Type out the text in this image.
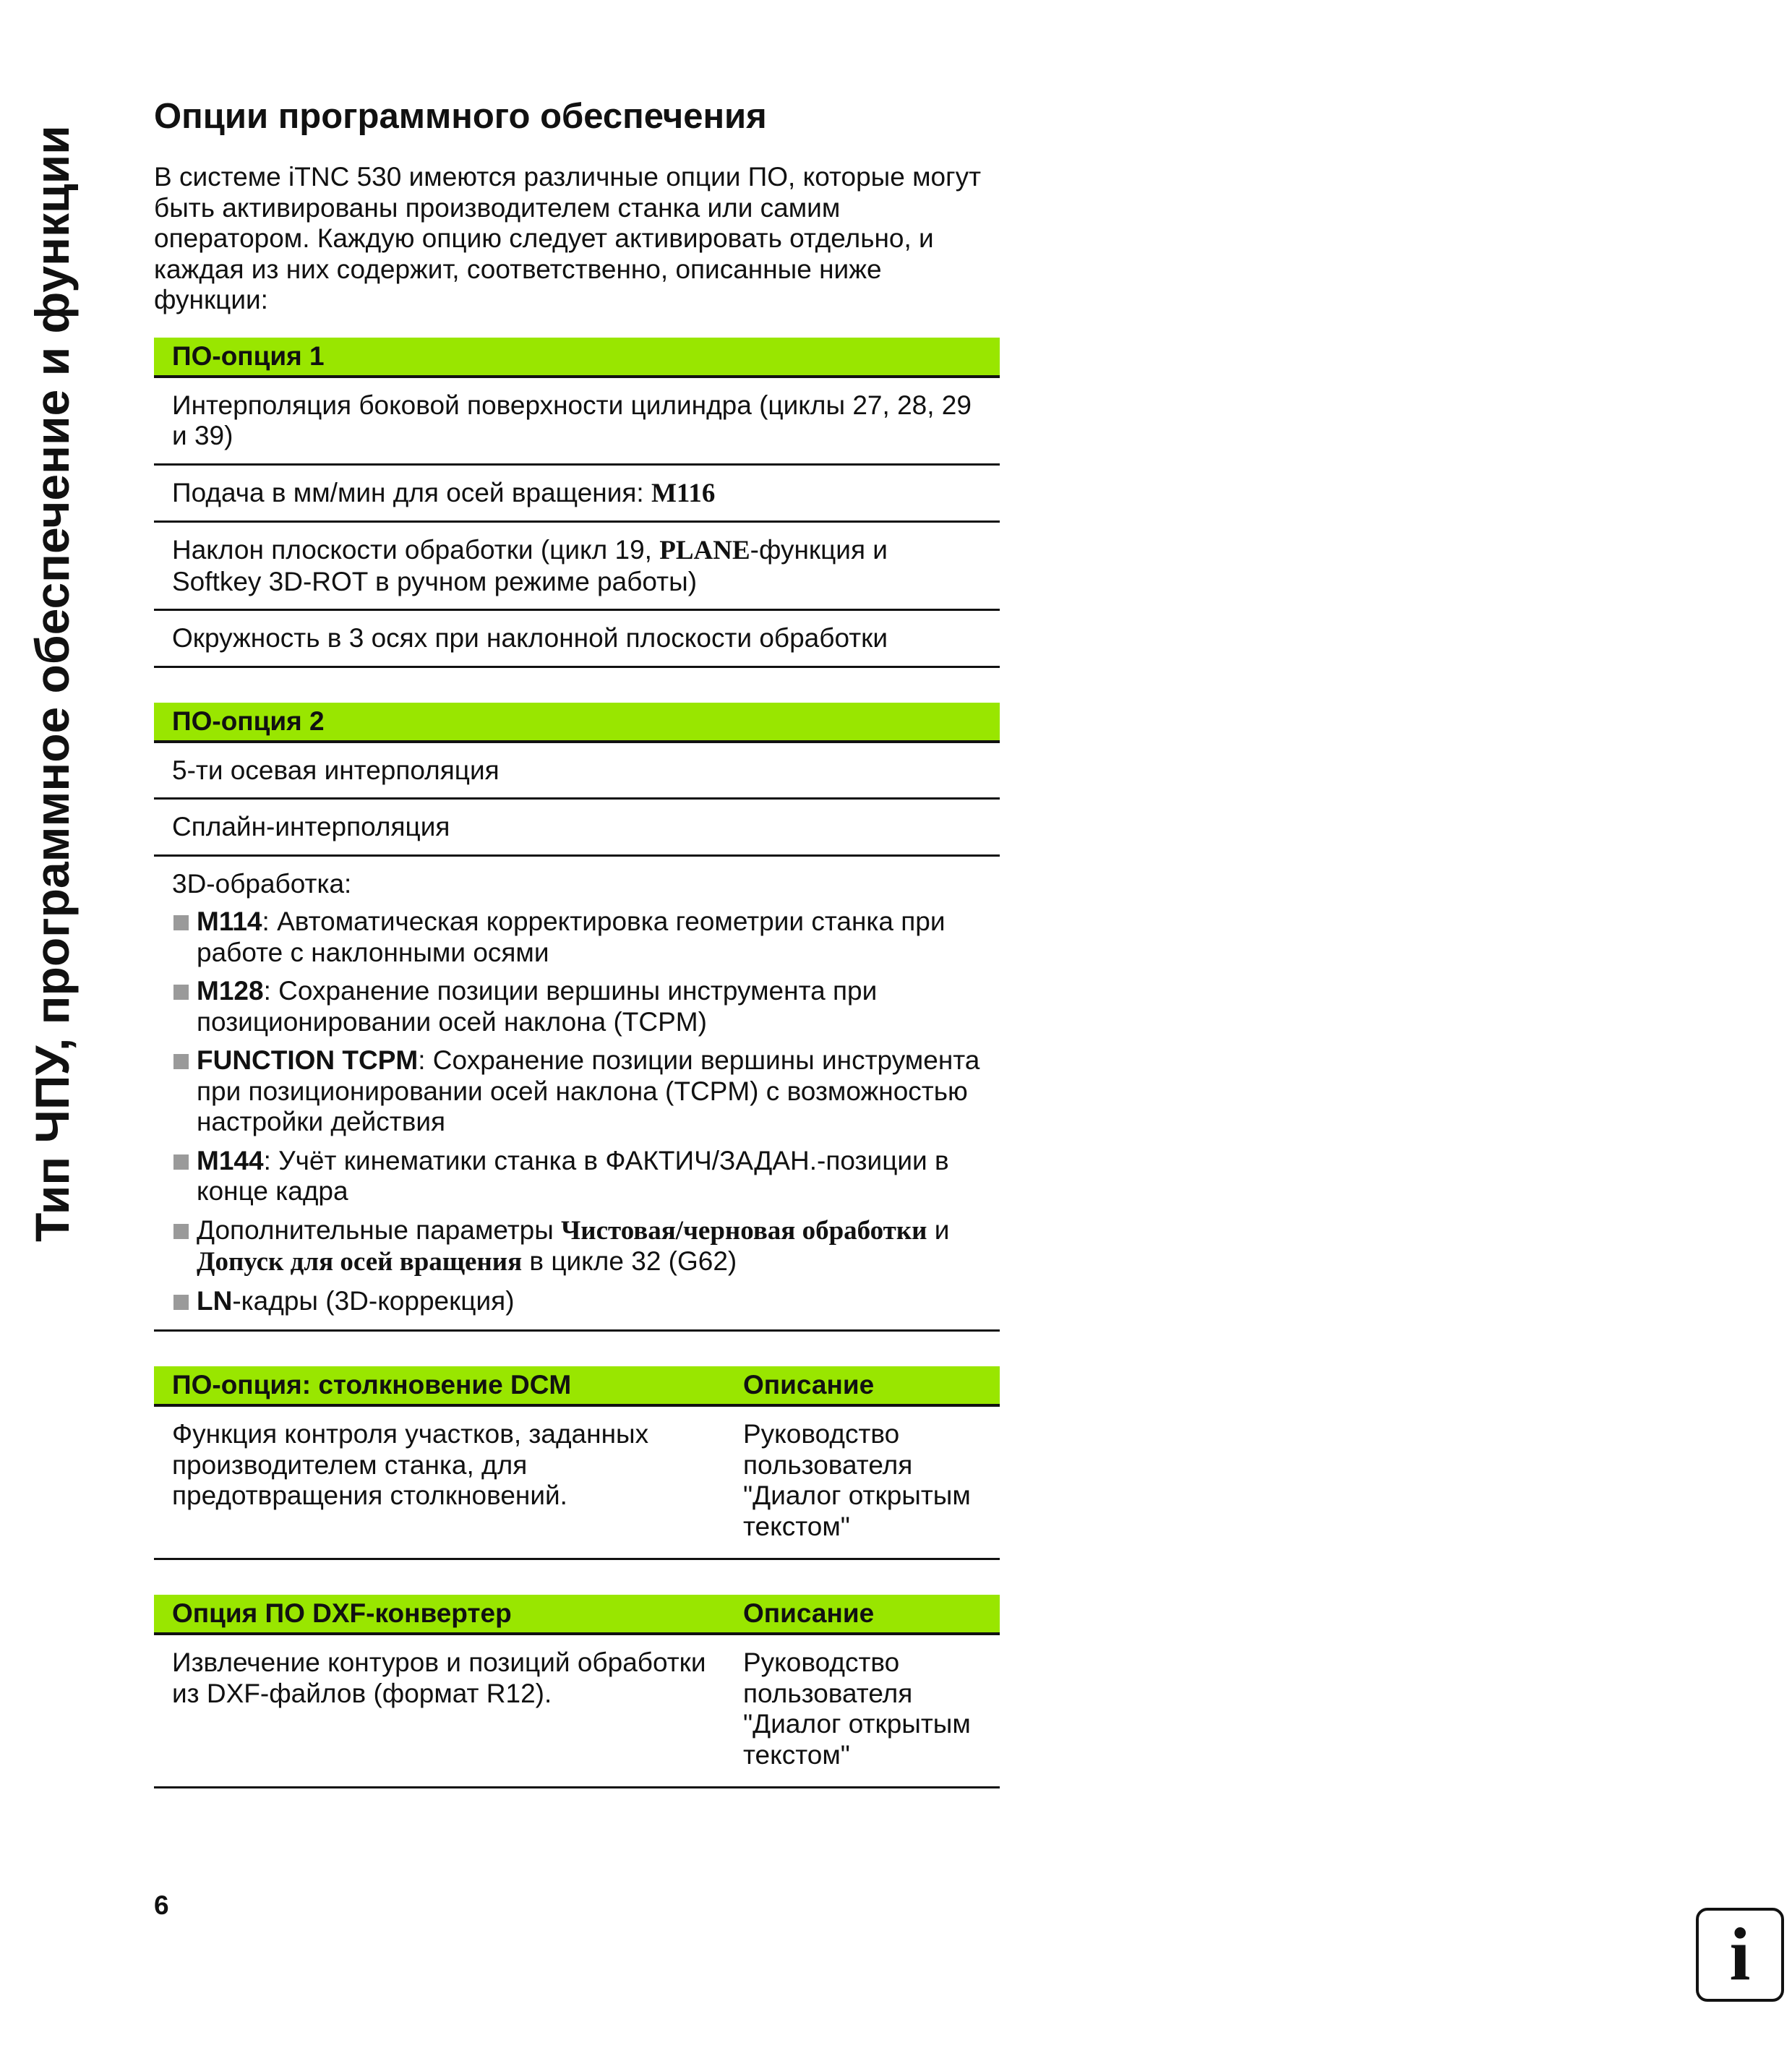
Тип ЧПУ, программное обеспечение и функции
Опции программного обеспечения

В системе iTNC 530 имеются различные опции ПО, которые могут быть активированы производителем станка или самим оператором. Каждую опцию следует активировать отдельно, и каждая из них содержит, соответственно, описанные ниже функции:

ПО-опция 1
Интерполяция боковой поверхности цилиндра (циклы 27, 28, 29 и 39)
Подача в мм/мин для осей вращения: M116
Наклон плоскости обработки (цикл 19, PLANE-функция и Softkey 3D-ROT в ручном режиме работы)
Окружность в 3 осях при наклонной плоскости обработки
ПО-опция 2
5-ти осевая интерполяция
Сплайн-интерполяция
3D-обработка:
M114: Автоматическая корректировка геометрии станка при работе с наклонными осями
M128: Сохранение позиции вершины инструмента при позиционировании осей наклона (TCPM)
FUNCTION TCPM: Сохранение позиции вершины инструмента при позиционировании осей наклона (TCPM) с возможностью настройки действия
M144: Учёт кинематики станка в ФАКТИЧ/ЗАДАН.-позиции в конце кадра
Дополнительные параметры Чистовая/черновая обработки и Допуск для осей вращения в цикле 32 (G62)
LN-кадры (3D-коррекция)
ПО-опция: столкновение DCM	Описание
Функция контроля участков, заданных производителем станка, для предотвращения столкновений.
Руководство пользователя "Диалог открытым текстом"
Опция ПО DXF-конвертер	Описание
Извлечение контуров и позиций обработки из DXF-файлов (формат R12).
Руководство пользователя "Диалог открытым текстом"
6
i
